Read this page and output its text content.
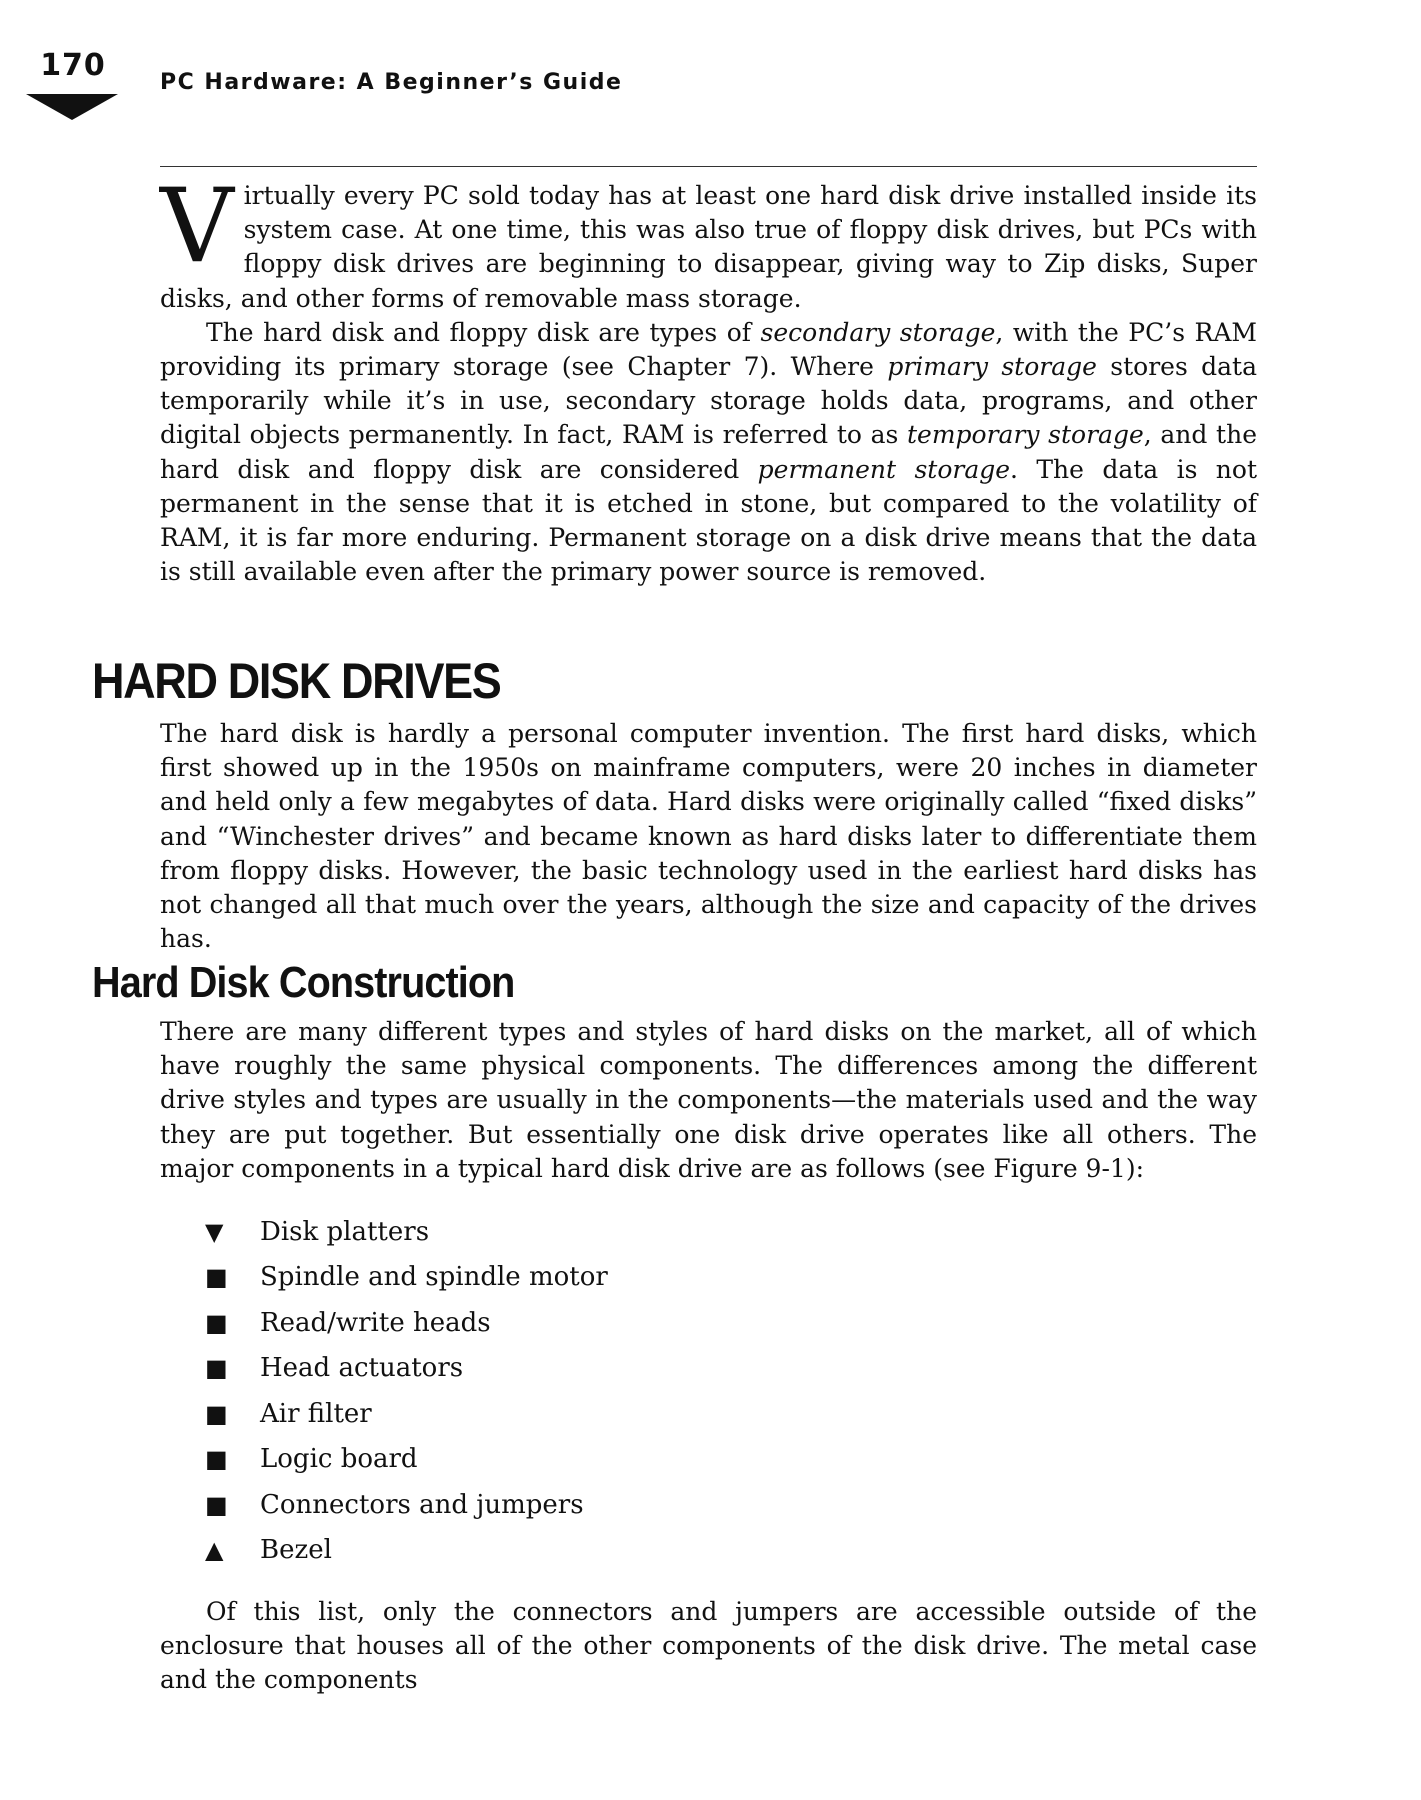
170 PC Hardware: A Beginner’s Guide

Virtually every PC sold today has at least one hard disk drive installed inside its system case. At one time, this was also true of floppy disk drives, but PCs with floppy disk drives are beginning to disappear, giving way to Zip disks, Super disks, and other forms of removable mass storage.

The hard disk and floppy disk are types of secondary storage, with the PC’s RAM providing its primary storage (see Chapter 7). Where primary storage stores data temporarily while it’s in use, secondary storage holds data, programs, and other digital objects permanently. In fact, RAM is referred to as temporary storage, and the hard disk and floppy disk are considered permanent storage. The data is not permanent in the sense that it is etched in stone, but compared to the volatility of RAM, it is far more enduring. Permanent storage on a disk drive means that the data is still available even after the primary power source is removed.

HARD DISK DRIVES

The hard disk is hardly a personal computer invention. The first hard disks, which first showed up in the 1950s on mainframe computers, were 20 inches in diameter and held only a few megabytes of data. Hard disks were originally called “fixed disks” and “Winchester drives” and became known as hard disks later to differentiate them from floppy disks. However, the basic technology used in the earliest hard disks has not changed all that much over the years, although the size and capacity of the drives has.

Hard Disk Construction

There are many different types and styles of hard disks on the market, all of which have roughly the same physical components. The differences among the different drive styles and types are usually in the components—the materials used and the way they are put together. But essentially one disk drive operates like all others. The major components in a typical hard disk drive are as follows (see Figure 9-1):

▼	Disk platters
■	Spindle and spindle motor
■	Read/write heads
■	Head actuators
■	Air filter
■	Logic board
■	Connectors and jumpers
▲	Bezel

Of this list, only the connectors and jumpers are accessible outside of the enclosure that houses all of the other components of the disk drive. The metal case and the components
